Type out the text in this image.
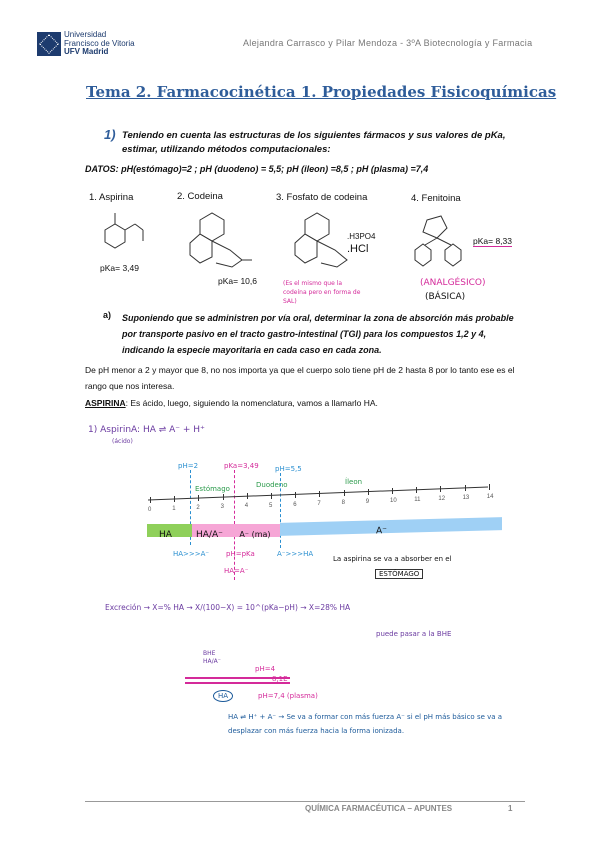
Universidad
Francisco de Vitoria
UFV Madrid
Alejandra Carrasco y Pilar Mendoza - 3ºA Biotecnología y Farmacia
Tema 2. Farmacocinética 1. Propiedades Fisicoquímicas
1) Teniendo en cuenta las estructuras de los siguientes fármacos y sus valores de pKa, estimar, utilizando métodos computacionales:
DATOS: pH(estómago)=2 ; pH (duodeno) = 5,5; pH (ileon) =8,5 ; pH (plasma) =7,4
1. Aspirina
pKa= 3,49
2. Codeina
pKa= 10,6
3. Fosfato de codeina
.H3PO4
.HCl
(Es el mismo que la codeína pero en forma de SAL)
4. Fenitoina
pKa= 8,33
(ANALGÉSICO)
(BÁSICA)
a) Suponiendo que se administren por vía oral, determinar la zona de absorción más probable por transporte pasivo en el tracto gastro-intestinal (TGI) para los compuestos 1,2 y 4, indicando la especie mayoritaria en cada caso en cada zona.
De pH menor a 2 y mayor que 8, no nos importa ya que el cuerpo solo tiene pH de 2 hasta 8 por lo tanto ese es el rango que nos interesa.
ASPIRINA: Es ácido, luego, siguiendo la nomenclatura, vamos a llamarlo HA.
1) AspirinA: HA ⇌ A⁻ + H⁺
(ácido)
pH=2	pKa=3,49 pH=5,5
Estómago	Duodeno	Íleon
0	1	2	3	4	5	6	7	8	9	10	11	12	13	14
HA	HA/A⁻ A⁻ (ma)	A⁻
HA>>>A⁻ pH=pKa	A⁻>>>HA
HA=A⁻
La aspirina se va a absorber en el
ESTÓMAGO
Excreción → X=% HA → X/(100−X) = 10^(pKa−pH) → X=28% HA
puede pasar a la BHE
BHE
HA/A⁻
pH=4
8,1E
pH=7,4 (plasma)
HA
HA ⇌ H⁺ + A⁻ → Se va a formar con más fuerza A⁻ si el pH más básico se va a desplazar con más fuerza hacia la forma ionizada.
QUÍMICA FARMACÉUTICA – APUNTES	1
